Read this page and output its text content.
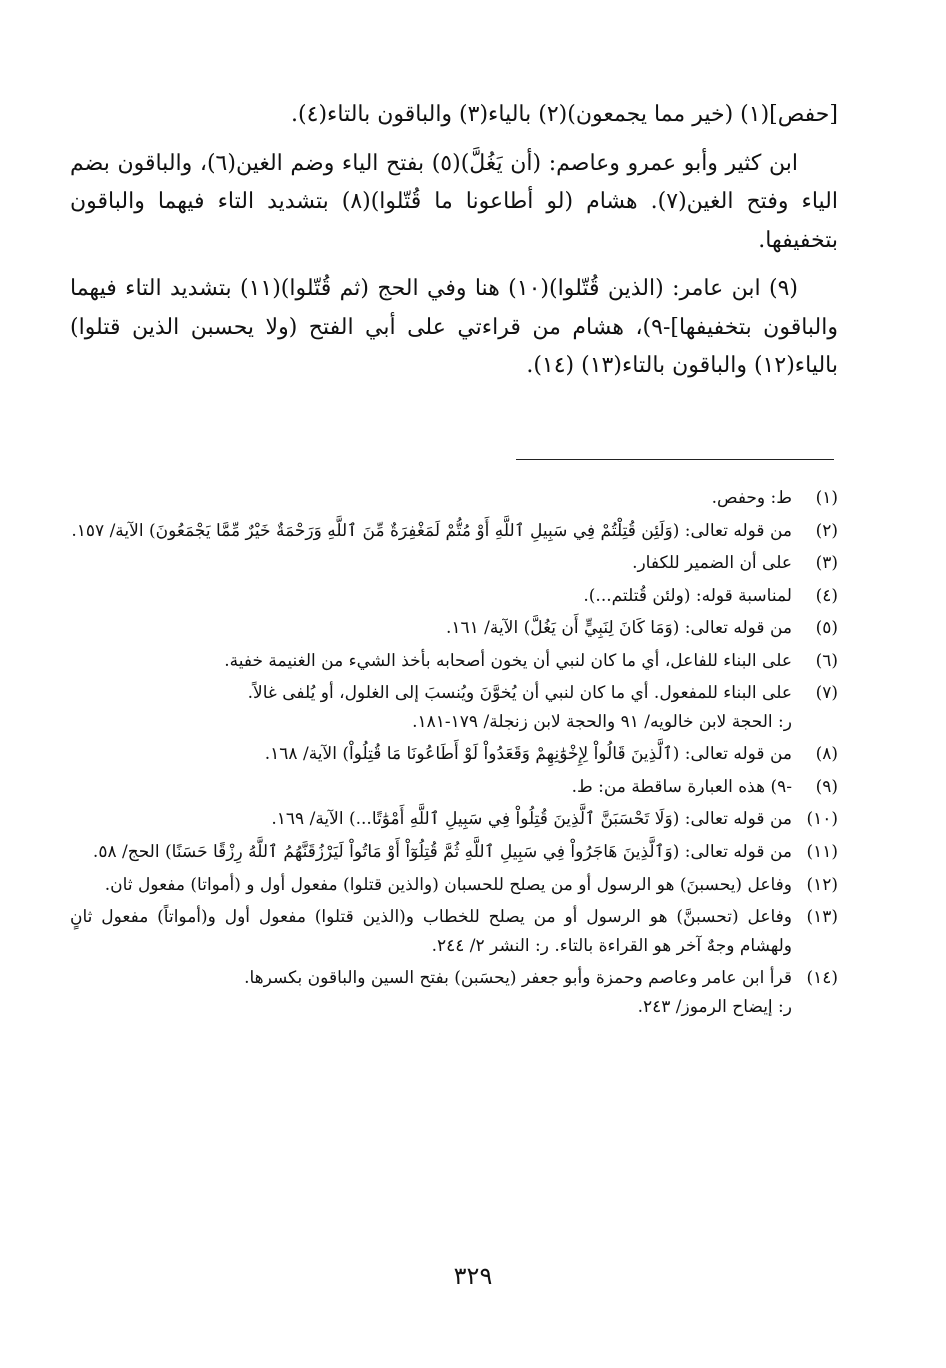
[حفص](١) (خير مما يجمعون)(٢) بالياء(٣) والباقون بالتاء(٤).

ابن كثير وأبو عمرو وعاصم: (أن يَغُلَّ)(٥) بفتح الياء وضم الغين(٦)، والباقون بضم الياء وفتح الغين(٧). هشام (لو أطاعونا ما قُتّلوا)(٨) بتشديد التاء فيهما والباقون بتخفيفها.

(٩) ابن عامر: (الذين قُتّلوا)(١٠) هنا وفي الحج (ثم قُتّلوا)(١١) بتشديد التاء فيهما والباقون بتخفيفها]-٩)، هشام من قراءتي على أبي الفتح (ولا يحسبن الذين قتلوا) بالياء(١٢) والباقون بالتاء(١٣) (١٤).

(١)
ط: وحفص.
(٢)
من قوله تعالى: (وَلَئِن قُتِلْتُمْ فِي سَبِيلِ ٱللَّهِ أَوْ مُتُّمْ لَمَغْفِرَةٌ مِّنَ ٱللَّهِ وَرَحْمَةٌ خَيْرٌ مِّمَّا يَجْمَعُونَ) الآية/ ١٥٧.
(٣)
على أن الضمير للكفار.
(٤)
لمناسبة قوله: (ولئن قُتلتم...).
(٥)
من قوله تعالى: (وَمَا كَانَ لِنَبِيٍّ أَن يَغُلَّ) الآية/ ١٦١.
(٦)
على البناء للفاعل، أي ما كان لنبي أن يخون أصحابه بأخذ الشيء من الغنيمة خفية.
(٧)
على البناء للمفعول. أي ما كان لنبي أن يُخوَّنَ ويُنسبَ إلى الغلول، أو يُلفى غالاً.
ر: الحجة لابن خالويه/ ٩١ والحجة لابن زنجلة/ ١٧٩-١٨١.
(٨)
من قوله تعالى: (ٱلَّذِينَ قَالُواْ لِإِخْوَٰنِهِمْ وَقَعَدُواْ لَوْ أَطَاعُونَا مَا قُتِلُواْ) الآية/ ١٦٨.
(٩)
-٩) هذه العبارة ساقطة من: ط.
(١٠)
من قوله تعالى: (وَلَا تَحْسَبَنَّ ٱلَّذِينَ قُتِلُواْ فِي سَبِيلِ ٱللَّهِ أَمْوَٰتًا...) الآية/ ١٦٩.
(١١)
من قوله تعالى: (وَٱلَّذِينَ هَاجَرُواْ فِي سَبِيلِ ٱللَّهِ ثُمَّ قُتِلُوٓاْ أَوْ مَاتُواْ لَيَرْزُقَنَّهُمُ ٱللَّهُ رِزْقًا حَسَنًا) الحج/ ٥٨.
(١٢)
وفاعل (يحسبنَ) هو الرسول أو من يصلح للحسبان (والذين قتلوا) مفعول أول و (أمواتا) مفعول ثان.
(١٣)
وفاعل (تحسبنَّ) هو الرسول أو من يصلح للخطاب و(الذين قتلوا) مفعول أول و(أمواتاً) مفعول ثانٍ ولهشام وجهٌ آخر هو القراءة بالتاء. ر: النشر ٢/ ٢٤٤.
(١٤)
قرأ ابن عامر وعاصم وحمزة وأبو جعفر (يحسَبن) بفتح السين والباقون بكسرها.
ر: إيضاح الرموز/ ٢٤٣.
٣٢٩
